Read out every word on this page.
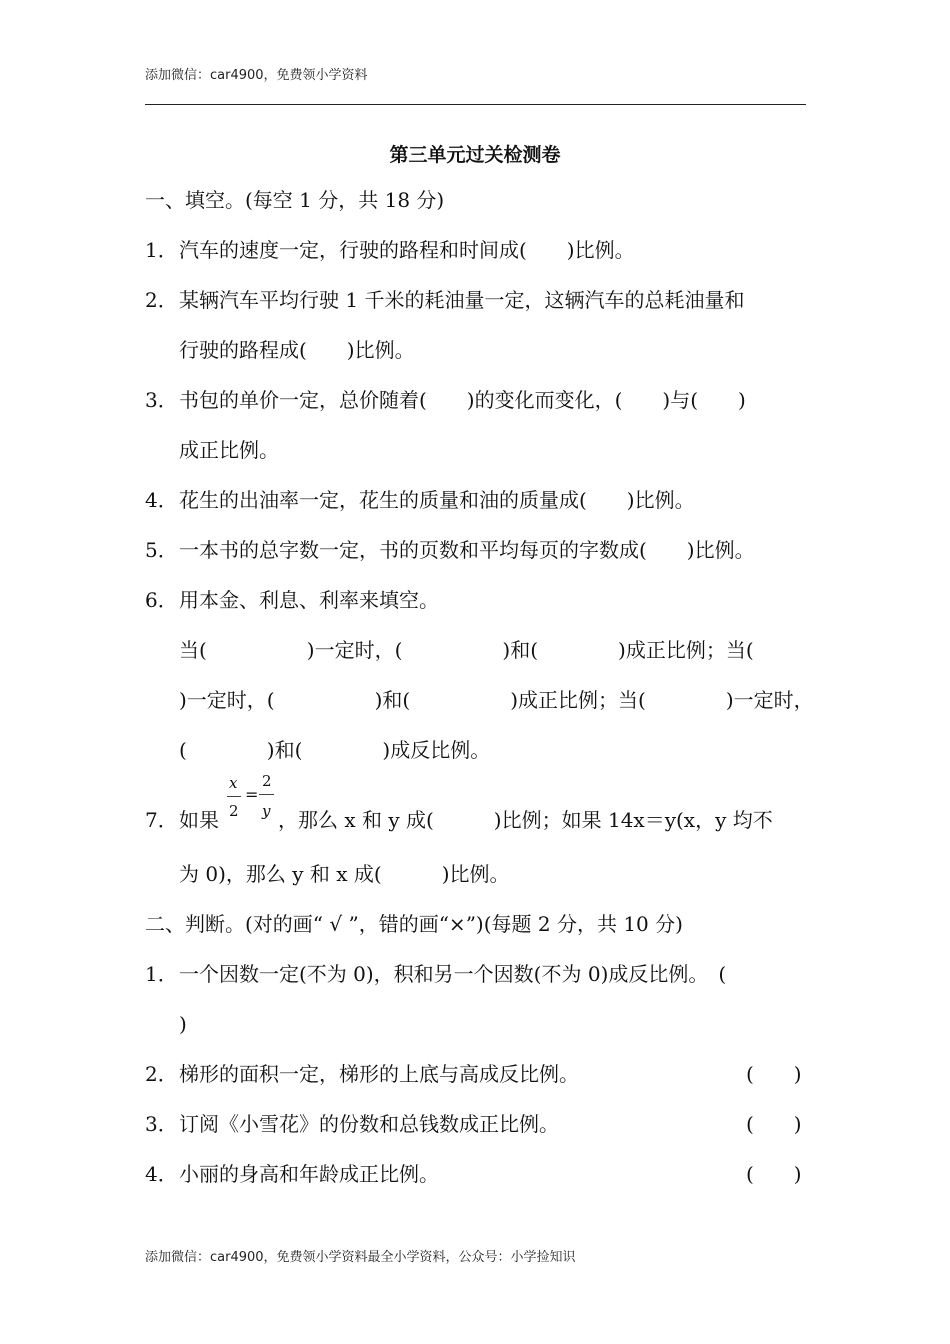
添加微信：car4900，免费领小学资料
第三单元过关检测卷
一、填空。(每空 1 分，共 18 分)
1． 汽车的速度一定，行驶的路程和时间成(　　)比例。
2． 某辆汽车平均行驶 1 千米的耗油量一定，这辆汽车的总耗油量和
行驶的路程成(　　)比例。
3． 书包的单价一定，总价随着(　　)的变化而变化，(　　)与(　　)
成正比例。
4． 花生的出油率一定，花生的质量和油的质量成(　　)比例。
5． 一本书的总字数一定，书的页数和平均每页的字数成(　　)比例。
6． 用本金、利息、利率来填空。
当(　　　　　)一定时，(　　　　　)和(　　　　)成正比例；当(
)一定时，(　　　　　)和(　　　　　)成正比例；当(　　　　)一定时，
(　　　　)和(　　　　)成反比例。
7． 如果
x
2
=
2
y ，那么 x 和 y 成(　　　)比例；如果 14x＝y(x，y 均不
为 0)，那么 y 和 x 成(　　　)比例。
二、判断。(对的画“ √ ”，错的画“×”)(每题 2 分，共 10 分)
1． 一个因数一定(不为 0)，积和另一个因数(不为 0)成反比例。　(
)
2． 梯形的面积一定，梯形的上底与高成反比例。	(　　)
3． 订阅《小雪花》的份数和总钱数成正比例。	(　　)
4． 小丽的身高和年龄成正比例。	(　　)
添加微信：car4900，免费领小学资料最全小学资料，公众号：小学捡知识
